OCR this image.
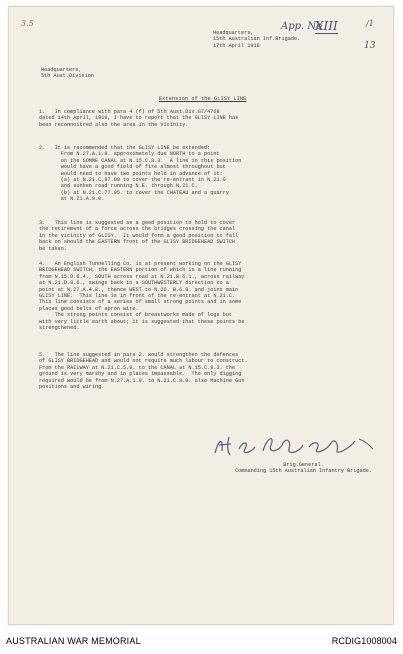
3.5	App. No
XIII	/1
13
Headquarters,
15th Australian Inf.Brigade.
17th April 1918
Headquarters,
5th Aust.Division
Extension of the GLISY LINE
1.   In compliance with para 4 (f) of 5th Aust.Div.G7/4768
dated 14th April, 1918, I have to report that the GLISY LINE has
been reconnoitred also the area in the vicinity.
2.   It is recommended that the GLISY LINE be extended:
From N.27.A.1.9. approximately due NORTH to a point
on the SOMME CANAL at N.15.C.8.3.  A line in this position
would have a good field of fire almost throughout but
would need to have two points held in advance of it:
(a) at N.21.C.97.00 to cover the re-entrant in N.21.0
and sunken road running N.E. through N.21.C.
(b) at N.21.C.77.95. to cover the CHATEAU and a quarry
at N.21.A.9.0.
3.   This line is suggested as a good position to hold to cover
the retirement of a force across the bridges crossing the canal
in the vicinity of GLISY.  It would form a good position to fall
back on should the EASTERN front of the GLISY BRIDGEHEAD SWITCH
be taken.
4.   An English Tunnelling Co. is at present working on the GLISY
BRIDGEHEAD SWITCH, the EASTERN portion of which is a line running
from N.15.D.6.4., SOUTH across road at N.21.B.6.1., across railway
at N.21.D.8.6., swings back in a SOUTHWESTERLY direction to a
point at N.27.A.4.8., thence WEST to N.26. B.6.8. and joins main
GLISY LINE.  This line is in front of the re-entrant at N.21.C.
This line consists of a series of small strong points and in some
places good belts of apron wire.
The strong points consist of breastworks made of logs but
with very little earth about; it is suggested that these points be
strengthened.
5.   The line suggested in para 2. would strengthen the defences
of GLISY BRIDGEHEAD and would not require much labour to construct.
From the RAILWAY at N.21.C.5.9. to the CANAL at N.15.C.8.3. the
ground is very marshy and in places impassable.  The only digging
required would be from N.27.A.1.9. to N.21.C.8.9. also Machine Gun
positions and wiring.
Brig.General.
Commanding 15th Australian Infantry Brigade.
AUSTRALIAN WAR MEMORIAL	RCDIG1008004
